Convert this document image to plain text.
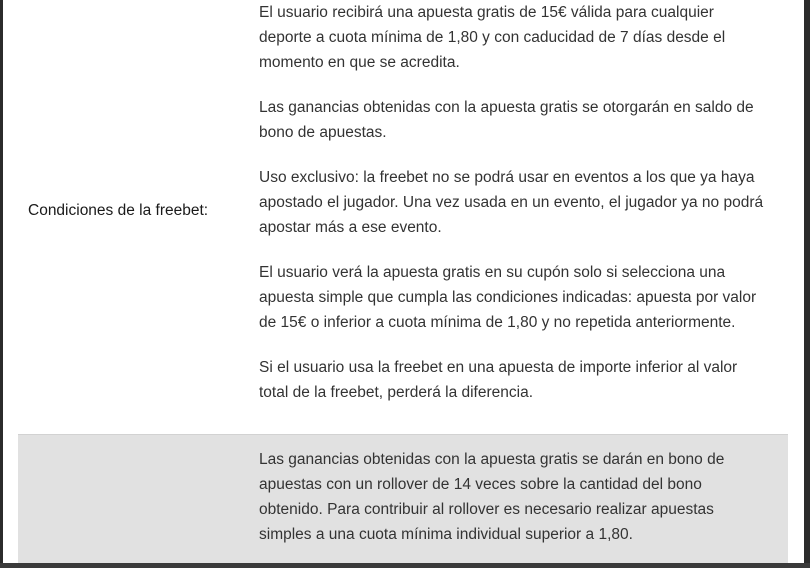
Condiciones de la freebet:

El usuario recibirá una apuesta gratis de 15€ válida para cualquier
deporte a cuota mínima de 1,80 y con caducidad de 7 días desde el
momento en que se acredita.

Las ganancias obtenidas con la apuesta gratis se otorgarán en saldo de
bono de apuestas.

Uso exclusivo: la freebet no se podrá usar en eventos a los que ya haya
apostado el jugador. Una vez usada en un evento, el jugador ya no podrá
apostar más a ese evento.

El usuario verá la apuesta gratis en su cupón solo si selecciona una
apuesta simple que cumpla las condiciones indicadas: apuesta por valor
de 15€ o inferior a cuota mínima de 1,80 y no repetida anteriormente.

Si el usuario usa la freebet en una apuesta de importe inferior al valor
total de la freebet, perderá la diferencia.

Las ganancias obtenidas con la apuesta gratis se darán en bono de
apuestas con un rollover de 14 veces sobre la cantidad del bono
obtenido. Para contribuir al rollover es necesario realizar apuestas
simples a una cuota mínima individual superior a 1,80.
